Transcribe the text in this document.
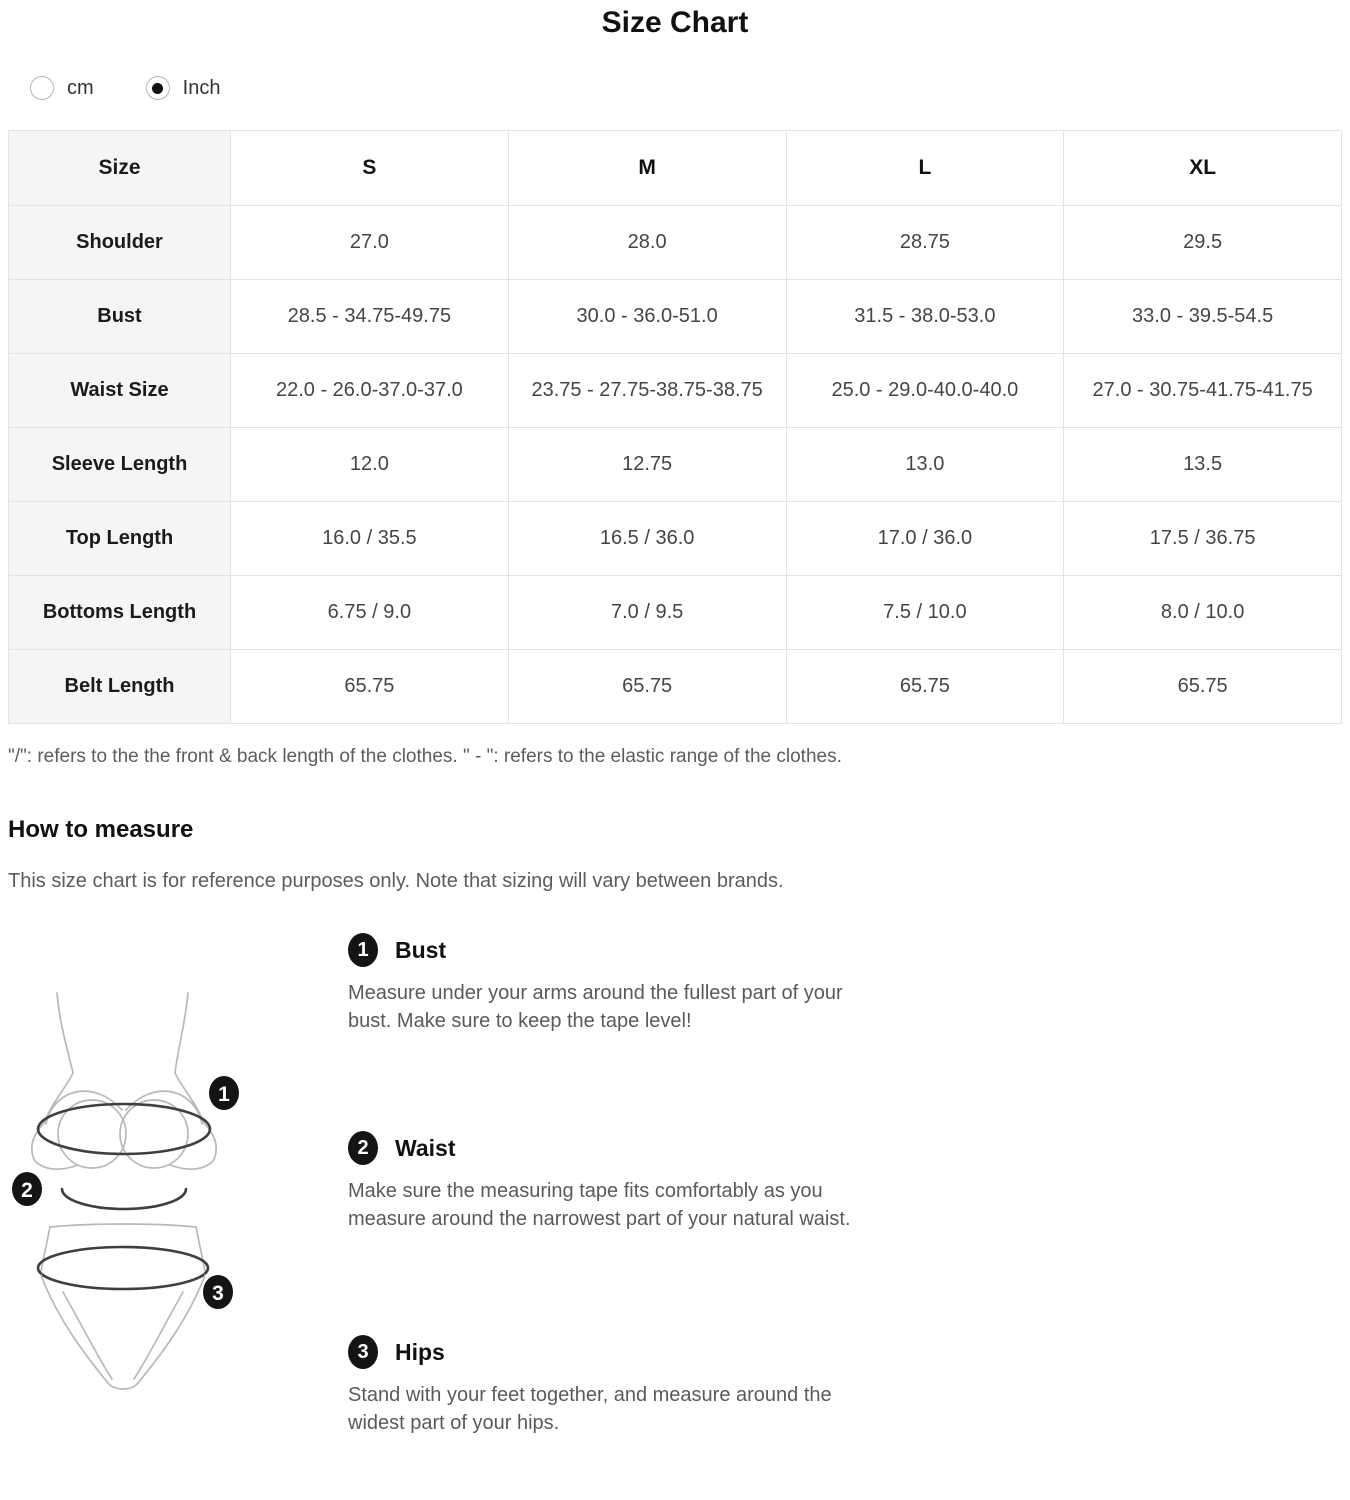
Size Chart
cm	Inch
Size	S	M	L	XL
Shoulder	27.0	28.0	28.75	29.5
Bust	28.5 - 34.75-49.75	30.0 - 36.0-51.0	31.5 - 38.0-53.0	33.0 - 39.5-54.5
Waist Size	22.0 - 26.0-37.0-37.0	23.75 - 27.75-38.75-38.75	25.0 - 29.0-40.0-40.0	27.0 - 30.75-41.75-41.75
Sleeve Length	12.0	12.75	13.0	13.5
Top Length	16.0 / 35.5	16.5 / 36.0	17.0 / 36.0	17.5 / 36.75
Bottoms Length	6.75 / 9.0	7.0 / 9.5	7.5 / 10.0	8.0 / 10.0
Belt Length	65.75	65.75	65.75	65.75
"/": refers to the the front & back length of the clothes. " - ": refers to the elastic range of the clothes.
How to measure
This size chart is for reference purposes only. Note that sizing will vary between brands.
1
2
3
1	Bust
Measure under your arms around the fullest part of your bust. Make sure to keep the tape level!
2	Waist
Make sure the measuring tape fits comfortably as you measure around the narrowest part of your natural waist.
3	Hips
Stand with your feet together, and measure around the widest part of your hips.
